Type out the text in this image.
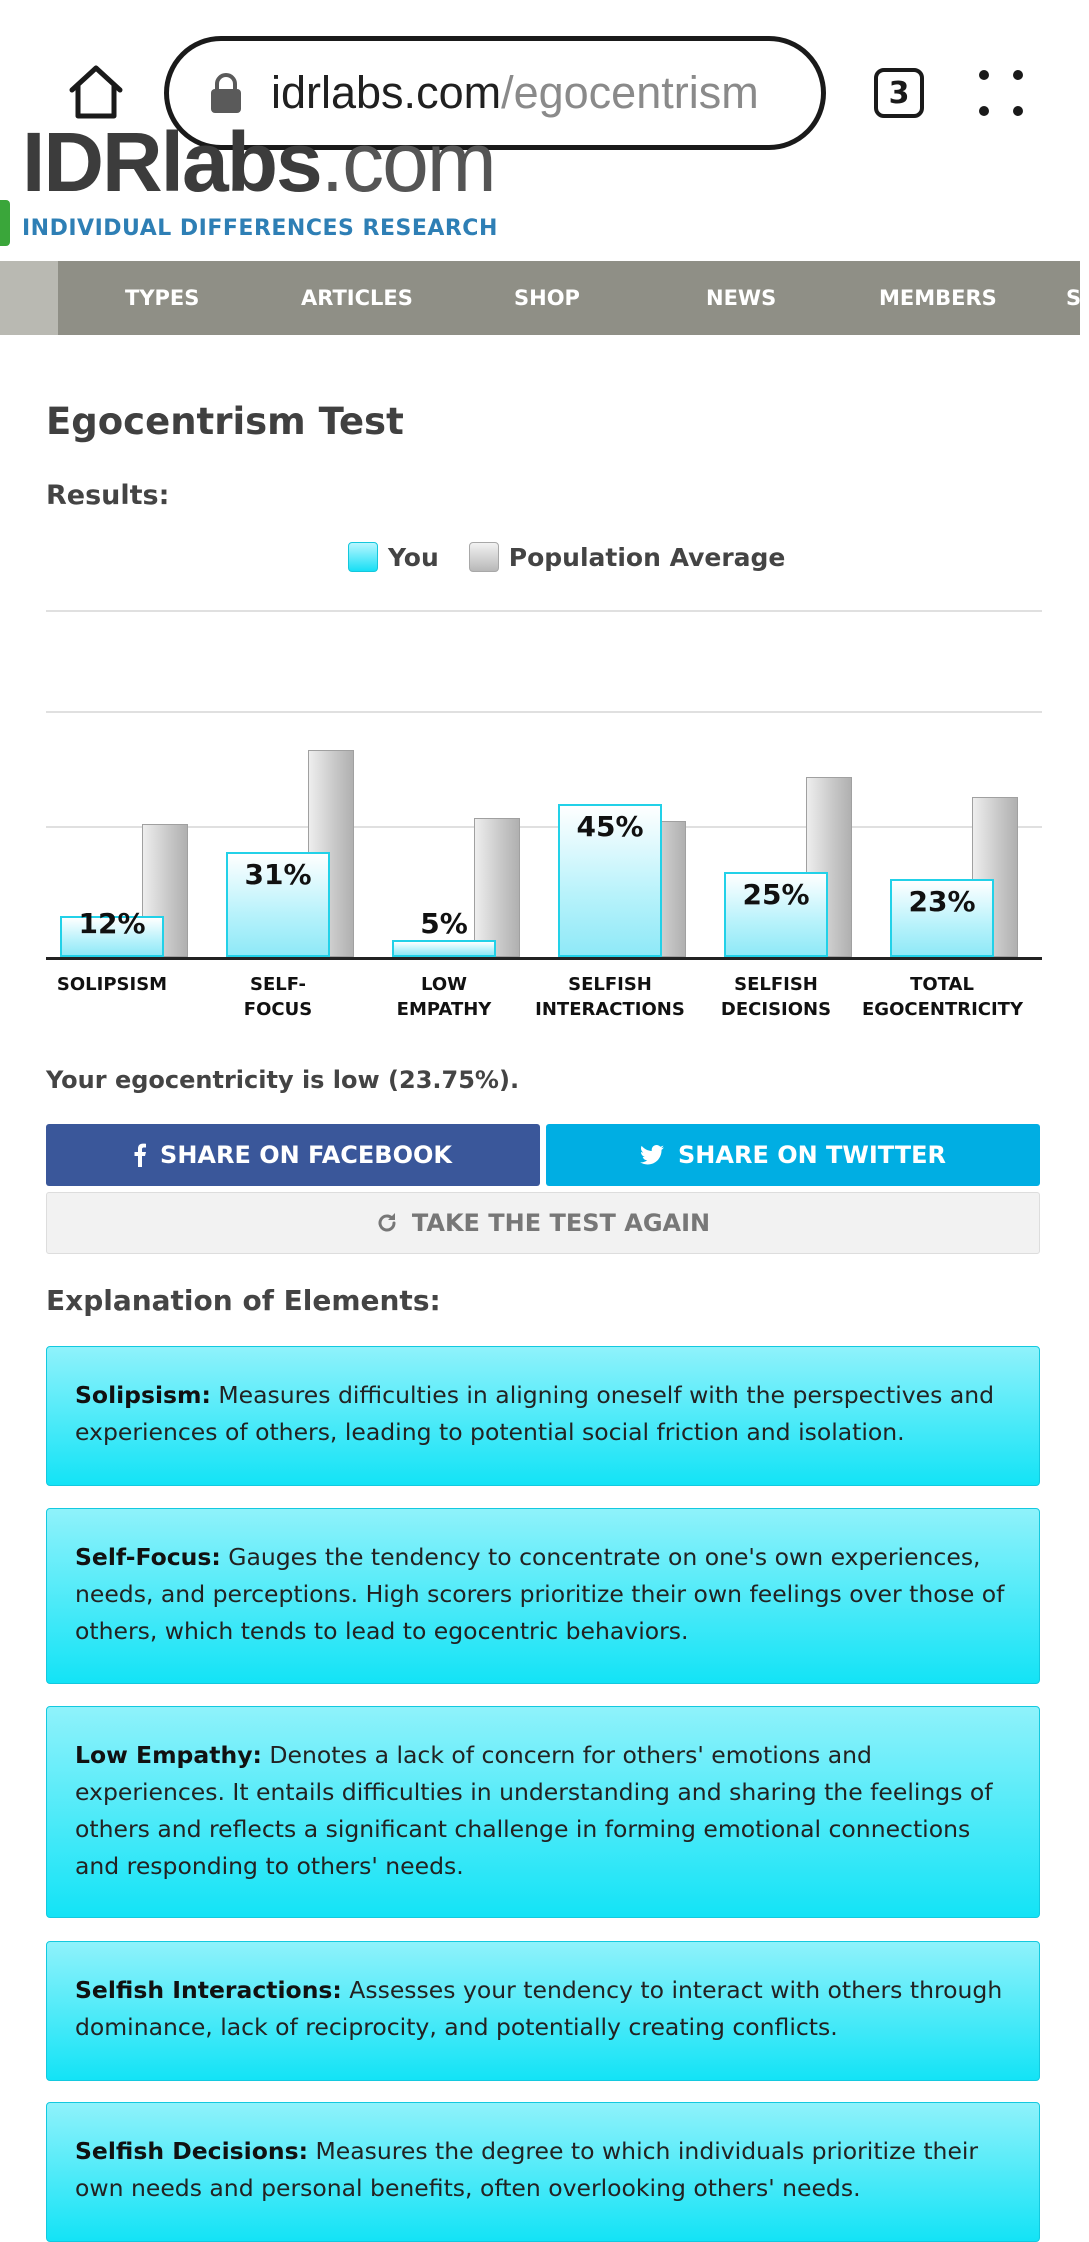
idrlabs.com/egocentrism	3
IDRlabs.com
INDIVIDUAL DIFFERENCES RESEARCH
TYPES	ARTICLES	SHOP	NEWS	MEMBERS	SI
Egocentrism Test
Results:
You	Population Average
12%
SOLIPSISM
31%
SELF-
FOCUS
5%
LOW
EMPATHY
45%
SELFISH
INTERACTIONS
25%
SELFISH
DECISIONS
23%
TOTAL
EGOCENTRICITY
Your egocentricity is low (23.75%).
SHARE ON FACEBOOK	SHARE ON TWITTER
TAKE THE TEST AGAIN
Explanation of Elements:
Solipsism: Measures difficulties in aligning oneself with the perspectives and experiences of others, leading to potential social friction and isolation.
Self-Focus: Gauges the tendency to concentrate on one's own experiences, needs, and perceptions. High scorers prioritize their own feelings over those of others, which tends to lead to egocentric behaviors.
Low Empathy: Denotes a lack of concern for others' emotions and experiences. It entails difficulties in understanding and sharing the feelings of others and reflects a significant challenge in forming emotional connections and responding to others' needs.
Selfish Interactions: Assesses your tendency to interact with others through dominance, lack of reciprocity, and potentially creating conflicts.
Selfish Decisions: Measures the degree to which individuals prioritize their own needs and personal benefits, often overlooking others' needs.
